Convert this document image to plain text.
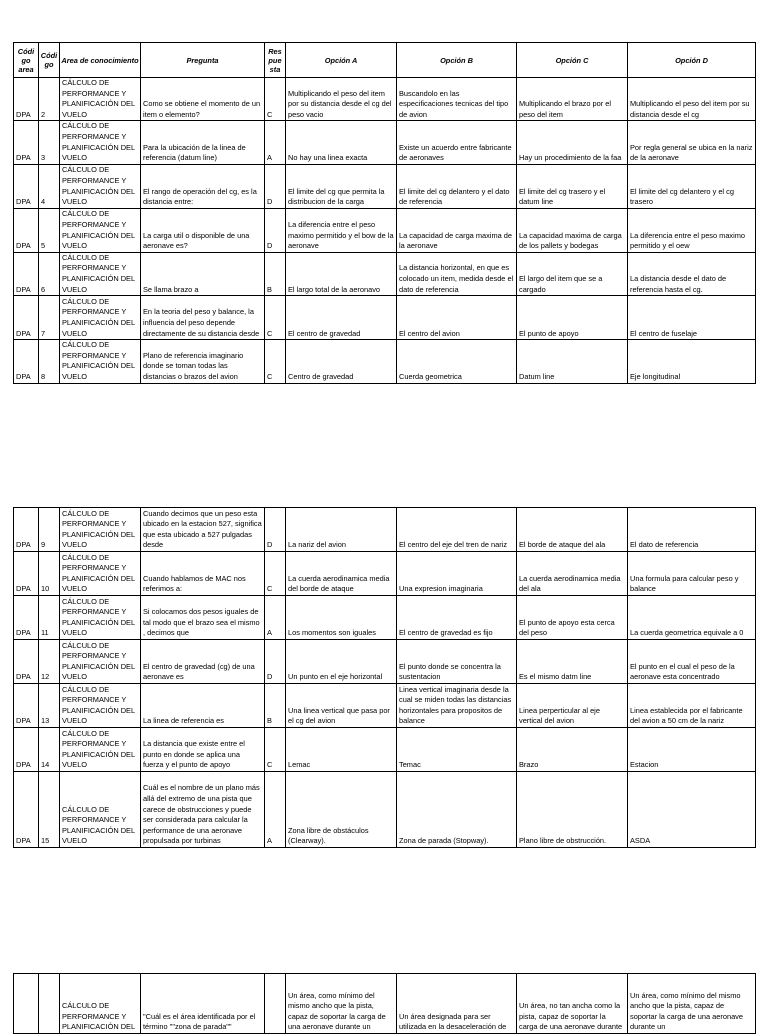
Códi go area	Códi go	Area de conocimiento	Pregunta	Res pue sta	Opción A	Opción B	Opción C	Opción D
DPA	2	CÁLCULO DE PERFORMANCE Y PLANIFICACIÓN DEL VUELO	Como se obtiene el momento de un item o elemento?	C	Multiplicando el peso del item por su distancia desde el cg del peso vacio	Buscandolo en las especificaciones tecnicas del tipo de avion	Multiplicando el brazo por el peso del item	Multiplicando el peso del item por su distancia desde el cg
DPA	3	CÁLCULO DE PERFORMANCE Y PLANIFICACIÓN DEL VUELO	Para la ubicación de la linea de referencia (datum line)	A	No hay una linea exacta	Existe un acuerdo entre fabricante de aeronaves	Hay un procedimiento de la faa	Por regla general se ubica en la nariz de la aeronave
DPA	4	CÁLCULO DE PERFORMANCE Y PLANIFICACIÓN DEL VUELO	El rango de operación del cg, es la distancia entre:	D	El limite del cg que permita la distribucion de la carga	El limite del cg delantero y el dato de referencia	El limite del cg trasero y el datum line	El limite del cg delantero y el cg trasero
DPA	5	CÁLCULO DE PERFORMANCE Y PLANIFICACIÓN DEL VUELO	La carga util o disponible de una aeronave es?	D	La diferencia entre el peso maximo permitido y el bow de la aeronave	La capacidad de carga maxima de la aeronave	La capacidad maxima de carga de los pallets y bodegas	La diferencia entre el peso maximo permitido y el oew
DPA	6	CÁLCULO DE PERFORMANCE Y PLANIFICACIÓN DEL VUELO	Se llama brazo a	B	El largo total de la aeronavo	La distancia horizontal, en que es colocado un item, medida desde el dato de referencia	El largo del item que se a cargado	La distancia desde el dato de referencia hasta el cg.
DPA	7	CÁLCULO DE PERFORMANCE Y PLANIFICACIÓN DEL VUELO	En la teoria del peso y balance, la influencia del peso depende directamente de su distancia desde	C	El centro de gravedad	El centro del avion	El punto de apoyo	El centro de fuselaje
DPA	8	CÁLCULO DE PERFORMANCE Y PLANIFICACIÓN DEL VUELO	Plano de referencia imaginario donde se toman todas las distancias o brazos del avion	C	Centro de gravedad	Cuerda geometrica	Datum line	Eje longitudinal
DPA	9	CÁLCULO DE PERFORMANCE Y PLANIFICACIÓN DEL VUELO	Cuando decimos que un peso esta ubicado en la estacion 527, significa que esta ubicado a 527 pulgadas desde	D	La nariz del avion	El centro del eje del tren de nariz	El borde de ataque del ala	El dato de referencia
DPA	10	CÁLCULO DE PERFORMANCE Y PLANIFICACIÓN DEL VUELO	Cuando hablamos de MAC nos referimos a:	C	La cuerda aerodinamica media del borde de ataque	Una expresion imaginaria	La cuerda aerodinamica media del ala	Una formula para calcular peso y balance
DPA	11	CÁLCULO DE PERFORMANCE Y PLANIFICACIÓN DEL VUELO	Si colocamos dos pesos iguales de tal modo que el brazo sea el mismo , decimos que	A	Los momentos son iguales	El centro de gravedad es fijo	El punto de apoyo esta cerca del peso	La cuerda geometrica equivale a 0
DPA	12	CÁLCULO DE PERFORMANCE Y PLANIFICACIÓN DEL VUELO	El centro de gravedad (cg) de una aeronave es	D	Un punto en el eje horizontal	El punto donde se concentra la sustentacion	Es el mismo datm line	El punto en el cual el peso de la aeronave esta concentrado
DPA	13	CÁLCULO DE PERFORMANCE Y PLANIFICACIÓN DEL VUELO	La linea de referencia es	B	Una linea vertical que pasa por el cg del avion	Linea vertical imaginaria desde la cual se miden todas las distancias horizontales para propositos de balance	Linea perperticular al eje vertical del avion	Linea establecida por el fabricante del avion a 50 cm de la nariz
DPA	14	CÁLCULO DE PERFORMANCE Y PLANIFICACIÓN DEL VUELO	La distancia que existe entre el punto en donde se aplica una fuerza y el punto de apoyo	C	Lemac	Temac	Brazo	Estacion
DPA	15	CÁLCULO DE PERFORMANCE Y PLANIFICACIÓN DEL VUELO	Cuál es el nombre de un plano más allá del extremo de una pista que carece de obstrucciones y puede ser considerada para calcular la performance de una aeronave propulsada por turbinas	A	Zona libre de obstáculos (Clearway).	Zona de parada (Stopway).	Plano libre de obstrucción.	ASDA
		CÁLCULO DE PERFORMANCE Y PLANIFICACIÓN DEL	"Cuál es el área identificada por el término ""zona de parada""		Un área, como mínimo del mismo ancho que la pista, capaz de soportar la carga de una aeronave durante un	Un área designada para ser utilizada en la desaceleración de	Un área, no tan ancha como la pista, capaz de soportar la carga de una aeronave durante	Un área, como mínimo del mismo ancho que la pista, capaz de soportar la carga de una aeronave durante un
